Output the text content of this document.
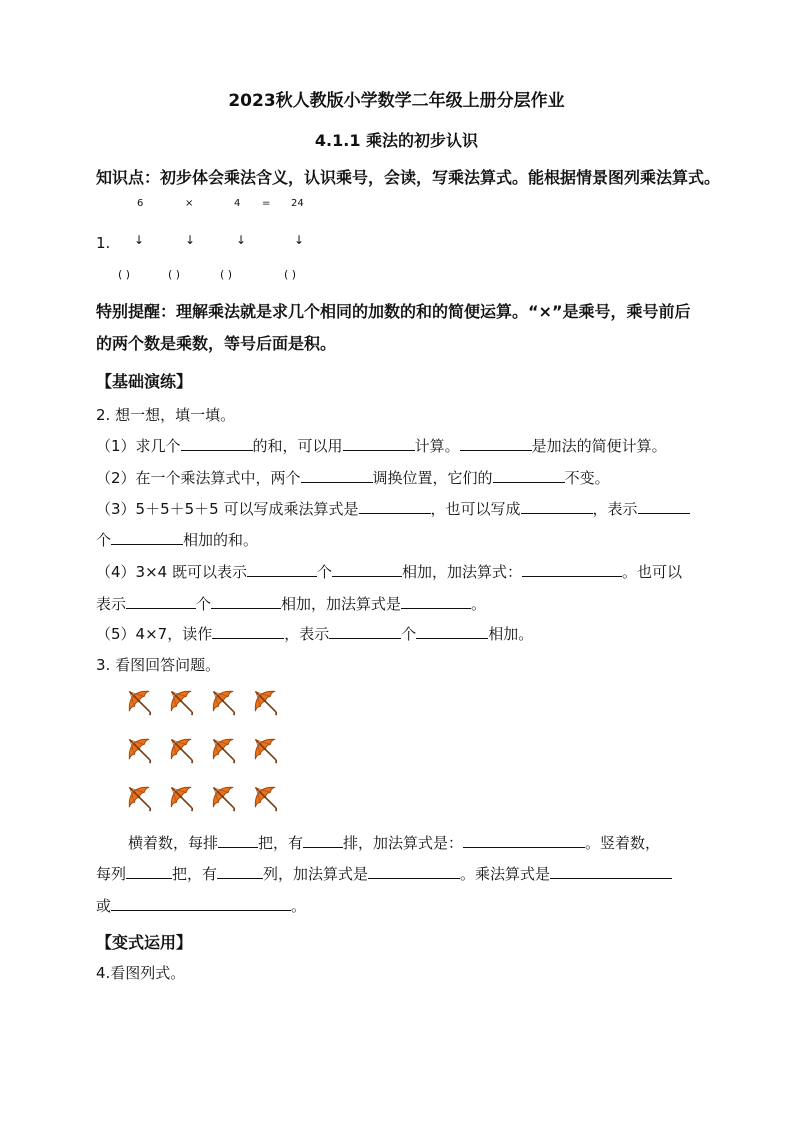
2023秋人教版小学数学二年级上册分层作业
4.1.1 乘法的初步认识
知识点：初步体会乘法含义，认识乘号，会读，写乘法算式。能根据情景图列乘法算式。
6	×	4 = 24
1. ↓	↓	↓	↓
( )	( )	( )	( )
特别提醒：理解乘法就是求几个相同的加数的和的简便运算。“×”是乘号，乘号前后
的两个数是乘数，等号后面是积。
【基础演练】
2. 想一想，填一填。
（1）求几个	的和，可以用	计算。	是加法的简便计算。
（2）在一个乘法算式中，两个	调换位置，它们的	不变。
（3）5＋5＋5＋5 可以写成乘法算式是	，也可以写成	，表示
个	相加的和。
（4）3×4 既可以表示	个	相加，加法算式：	。也可以
表示	个	相加，加法算式是	。
（5）4×7，读作	，表示	个	相加。
3. 看图回答问题。
横着数，每排	把，有	排，加法算式是：	。竖着数，
每列	把，有	列，加法算式是	。乘法算式是
或	。
【变式运用】
4.看图列式。
